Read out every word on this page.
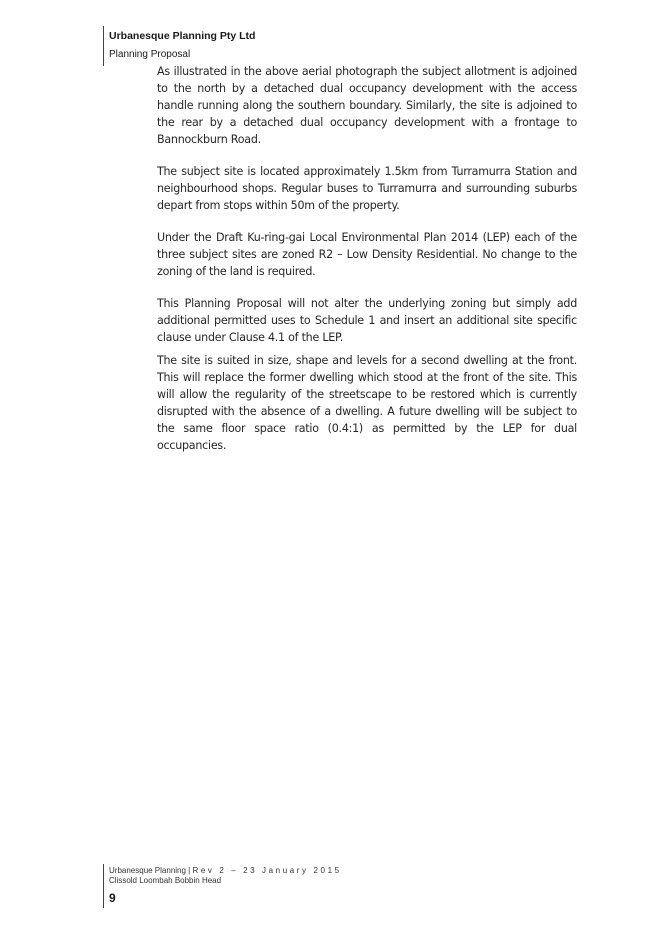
Urbanesque Planning Pty Ltd
Planning Proposal

As illustrated in the above aerial photograph the subject allotment is adjoined to the north by a detached dual occupancy development with the access handle running along the southern boundary. Similarly, the site is adjoined to the rear by a detached dual occupancy development with a frontage to Bannockburn Road.

The subject site is located approximately 1.5km from Turramurra Station and neighbourhood shops. Regular buses to Turramurra and surrounding suburbs depart from stops within 50m of the property.

Under the Draft Ku-ring-gai Local Environmental Plan 2014 (LEP) each of the three subject sites are zoned R2 – Low Density Residential. No change to the zoning of the land is required.

This Planning Proposal will not alter the underlying zoning but simply add additional permitted uses to Schedule 1 and insert an additional site specific clause under Clause 4.1 of the LEP.

The site is suited in size, shape and levels for a second dwelling at the front. This will replace the former dwelling which stood at the front of the site. This will allow the regularity of the streetscape to be restored which is currently disrupted with the absence of a dwelling. A future dwelling will be subject to the same floor space ratio (0.4:1) as permitted by the LEP for dual occupancies.

Urbanesque Planning | Rev 2 – 23 January 2015
Clissold Loombah Bobbin Head
9
